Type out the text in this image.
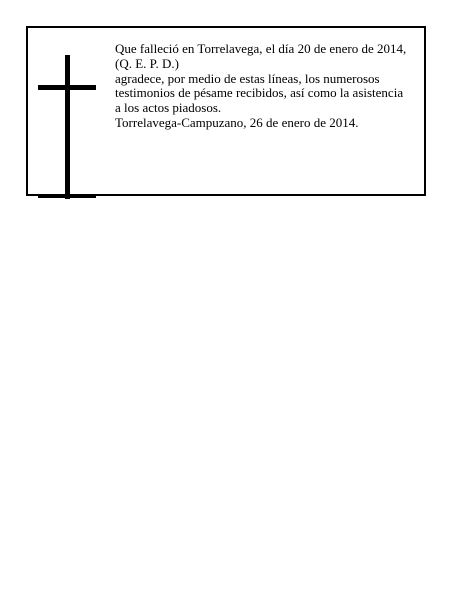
Que falleció en Torrelavega, el día 20 de enero de 2014,
(Q. E. P. D.)
agradece, por medio de estas líneas, los numerosos
testimonios de pésame recibidos, así como la asistencia
a los actos piadosos.
Torrelavega-Campuzano, 26 de enero de 2014.
